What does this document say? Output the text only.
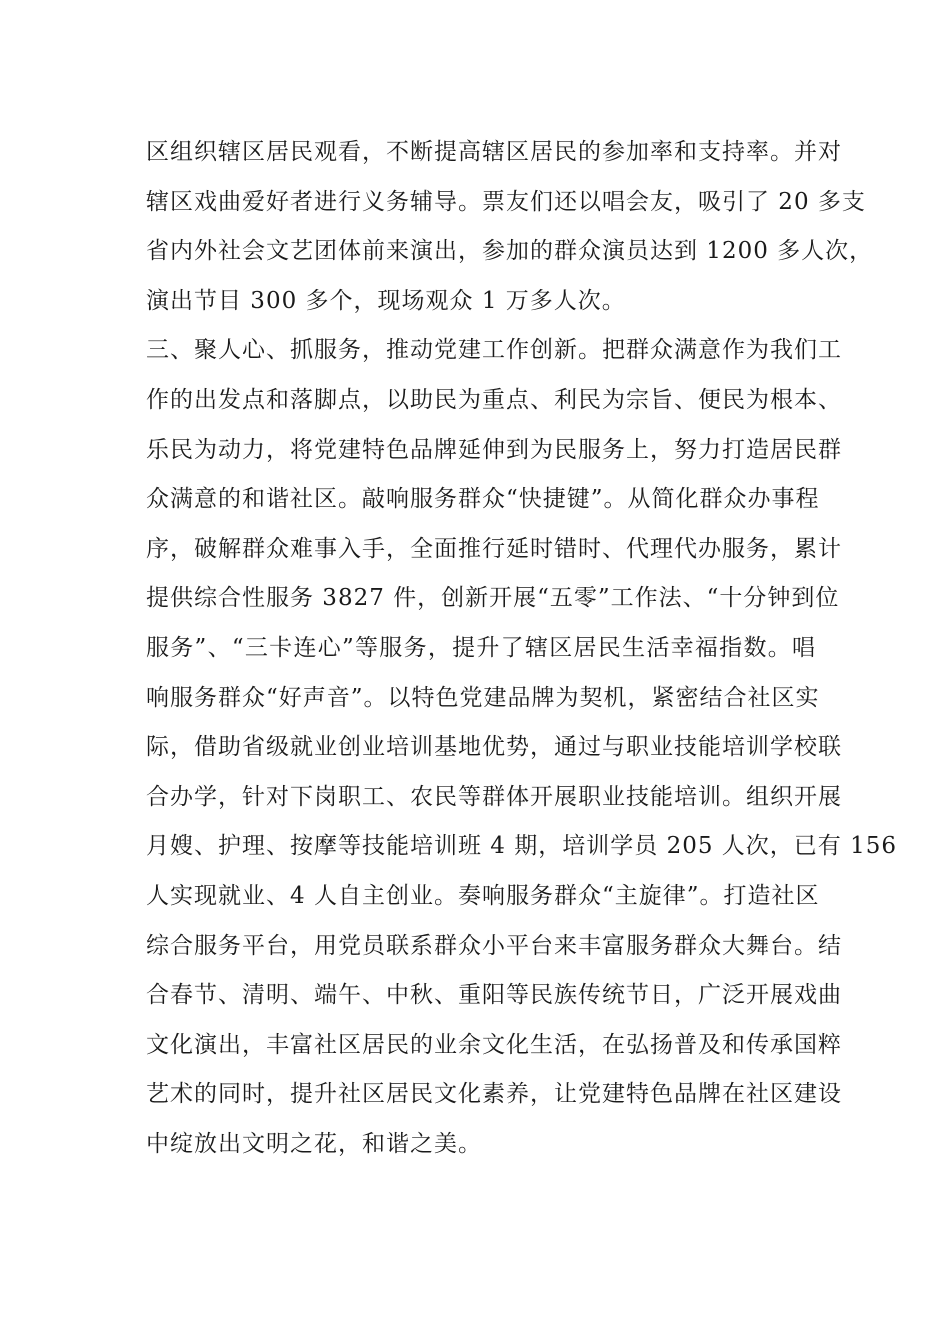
区组织辖区居民观看，不断提高辖区居民的参加率和支持率。并对
辖区戏曲爱好者进行义务辅导。票友们还以唱会友，吸引了 20 多支
省内外社会文艺团体前来演出，参加的群众演员达到 1200 多人次，
演出节目 300 多个，现场观众 1 万多人次。
三、聚人心、抓服务，推动党建工作创新。把群众满意作为我们工
作的出发点和落脚点，以助民为重点、利民为宗旨、便民为根本、
乐民为动力，将党建特色品牌延伸到为民服务上，努力打造居民群
众满意的和谐社区。敲响服务群众“快捷键”。从简化群众办事程
序，破解群众难事入手，全面推行延时错时、代理代办服务，累计
提供综合性服务 3827 件，创新开展“五零”工作法、“十分钟到位
服务”、“三卡连心”等服务，提升了辖区居民生活幸福指数。唱
响服务群众“好声音”。以特色党建品牌为契机，紧密结合社区实
际，借助省级就业创业培训基地优势，通过与职业技能培训学校联
合办学，针对下岗职工、农民等群体开展职业技能培训。组织开展
月嫂、护理、按摩等技能培训班 4 期，培训学员 205 人次，已有 156
人实现就业、4 人自主创业。奏响服务群众“主旋律”。打造社区
综合服务平台，用党员联系群众小平台来丰富服务群众大舞台。结
合春节、清明、端午、中秋、重阳等民族传统节日，广泛开展戏曲
文化演出，丰富社区居民的业余文化生活，在弘扬普及和传承国粹
艺术的同时，提升社区居民文化素养，让党建特色品牌在社区建设
中绽放出文明之花，和谐之美。
